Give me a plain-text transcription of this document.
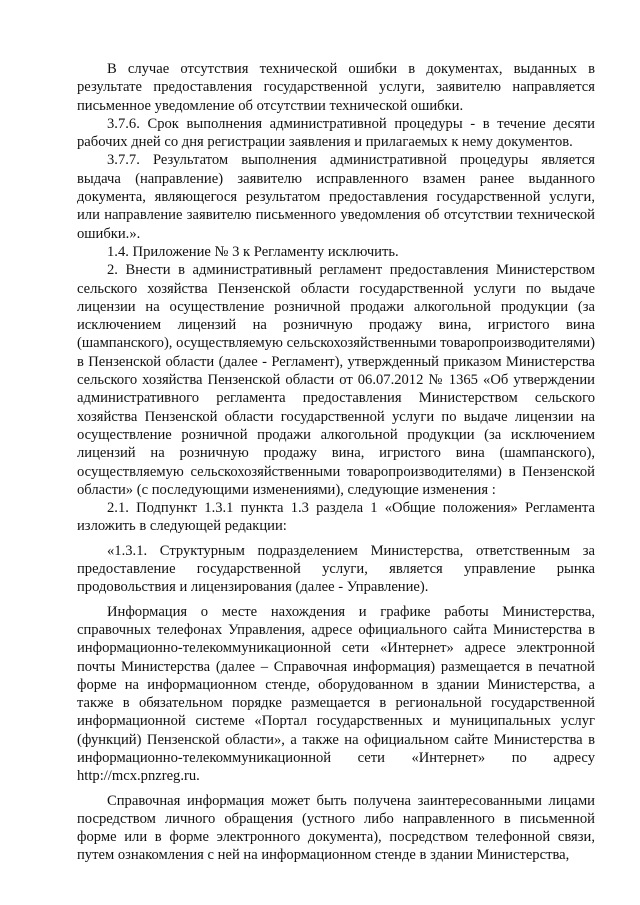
В случае отсутствия технической ошибки в документах, выданных в результате предоставления государственной услуги, заявителю направляется письменное уведомление об отсутствии технической ошибки.

3.7.6. Срок выполнения административной процедуры - в течение десяти рабочих дней со дня регистрации заявления и прилагаемых к нему документов.

3.7.7. Результатом выполнения административной процедуры является выдача (направление) заявителю исправленного взамен ранее выданного документа, являющегося результатом предоставления государственной услуги, или направление заявителю письменного уведомления об отсутствии технической ошибки.».

1.4. Приложение № 3 к Регламенту исключить.

2. Внести в административный регламент предоставления Министерством сельского хозяйства Пензенской области государственной услуги по выдаче лицензии на осуществление розничной продажи алкогольной продукции (за исключением лицензий на розничную продажу вина, игристого вина (шампанского), осуществляемую сельскохозяйственными товаропроизводителями) в Пензенской области (далее - Регламент), утвержденный приказом Министерства сельского хозяйства Пензенской области от 06.07.2012 № 1365 «Об утверждении административного регламента предоставления Министерством сельского хозяйства Пензенской области государственной услуги по выдаче лицензии на осуществление розничной продажи алкогольной продукции (за исключением лицензий на розничную продажу вина, игристого вина (шампанского), осуществляемую сельскохозяйственными товаропроизводителями) в Пензенской области» (с последующими изменениями), следующие изменения :

2.1. Подпункт 1.3.1 пункта 1.3 раздела 1 «Общие положения» Регламента изложить в следующей редакции:

«1.3.1. Структурным подразделением Министерства, ответственным за предоставление государственной услуги, является управление рынка продовольствия и лицензирования (далее - Управление).

Информация о месте нахождения и графике работы Министерства, справочных телефонах Управления, адресе официального сайта Министерства в информационно-телекоммуникационной сети «Интернет» адресе электронной почты Министерства (далее – Справочная информация) размещается в печатной форме на информационном стенде, оборудованном в здании Министерства, а также в обязательном порядке размещается в региональной государственной информационной системе «Портал государственных и муниципальных услуг (функций) Пензенской области», а также на официальном сайте Министерства в информационно-телекоммуникационной сети «Интернет» по адресу http://mcx.pnzreg.ru.

Справочная информация может быть получена заинтересованными лицами посредством личного обращения (устного либо направленного в письменной форме или в форме электронного документа), посредством телефонной связи, путем ознакомления с ней на информационном стенде в здании Министерства,
